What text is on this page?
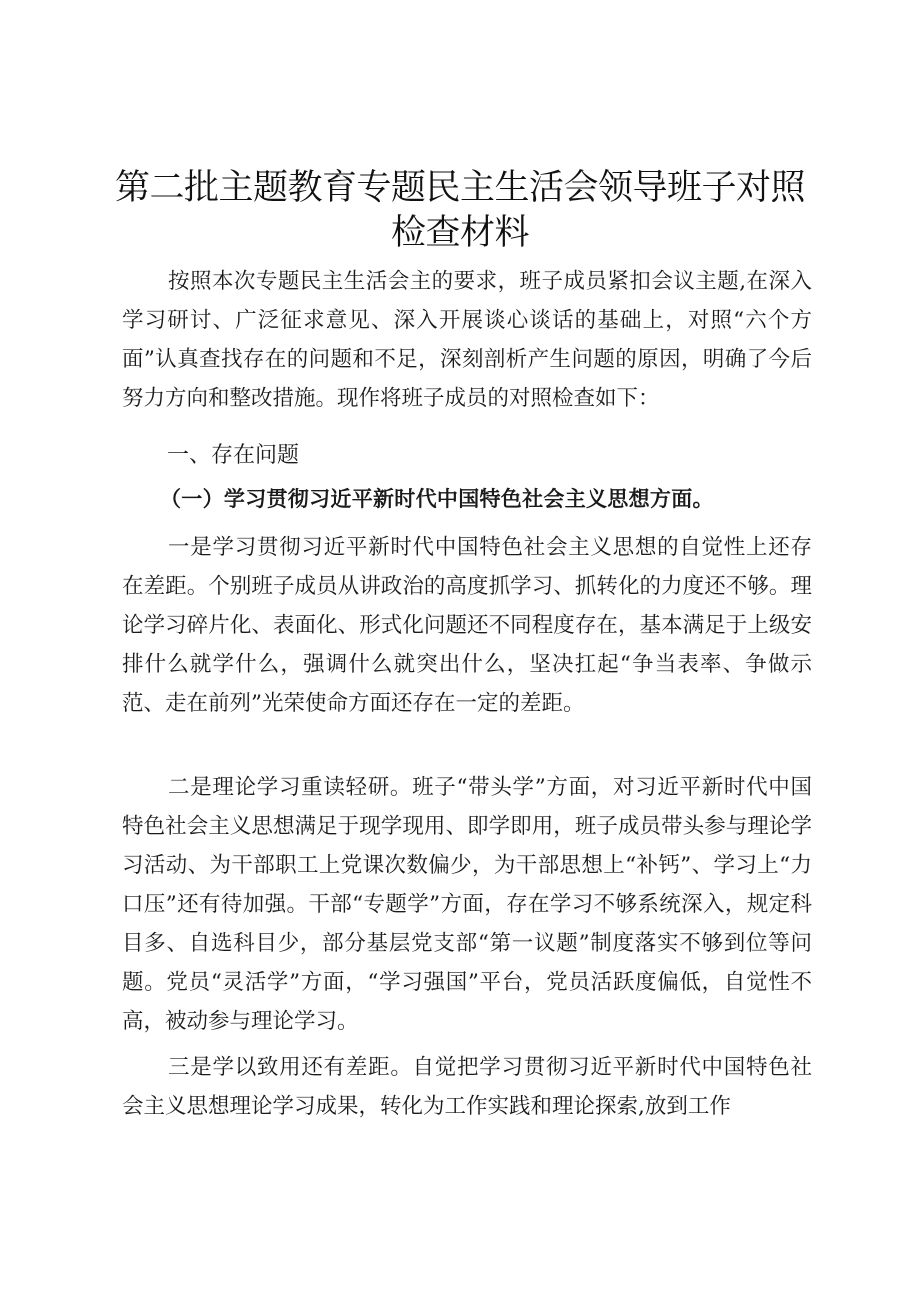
第二批主题教育专题民主生活会领导班子对照
检查材料

按照本次专题民主生活会主的要求，班子成员紧扣会议主题,在深入学习研讨、广泛征求意见、深入开展谈心谈话的基础上，对照“六个方面”认真查找存在的问题和不足，深刻剖析产生问题的原因，明确了今后努力方向和整改措施。现作将班子成员的对照检查如下：

一、存在问题
（一）学习贯彻习近平新时代中国特色社会主义思想方面。

一是学习贯彻习近平新时代中国特色社会主义思想的自觉性上还存在差距。个别班子成员从讲政治的高度抓学习、抓转化的力度还不够。理论学习碎片化、表面化、形式化问题还不同程度存在，基本满足于上级安排什么就学什么，强调什么就突出什么，坚决扛起“争当表率、争做示范、走在前列”光荣使命方面还存在一定的差距。

二是理论学习重读轻研。班子“带头学”方面，对习近平新时代中国特色社会主义思想满足于现学现用、即学即用，班子成员带头参与理论学习活动、为干部职工上党课次数偏少，为干部思想上“补钙”、学习上“力口压”还有待加强。干部“专题学”方面，存在学习不够系统深入，规定科目多、自选科目少，部分基层党支部“第一议题”制度落实不够到位等问题。党员“灵活学”方面，“学习强国”平台，党员活跃度偏低，自觉性不高，被动参与理论学习。

三是学以致用还有差距。自觉把学习贯彻习近平新时代中国特色社会主义思想理论学习成果，转化为工作实践和理论探索,放到工作
